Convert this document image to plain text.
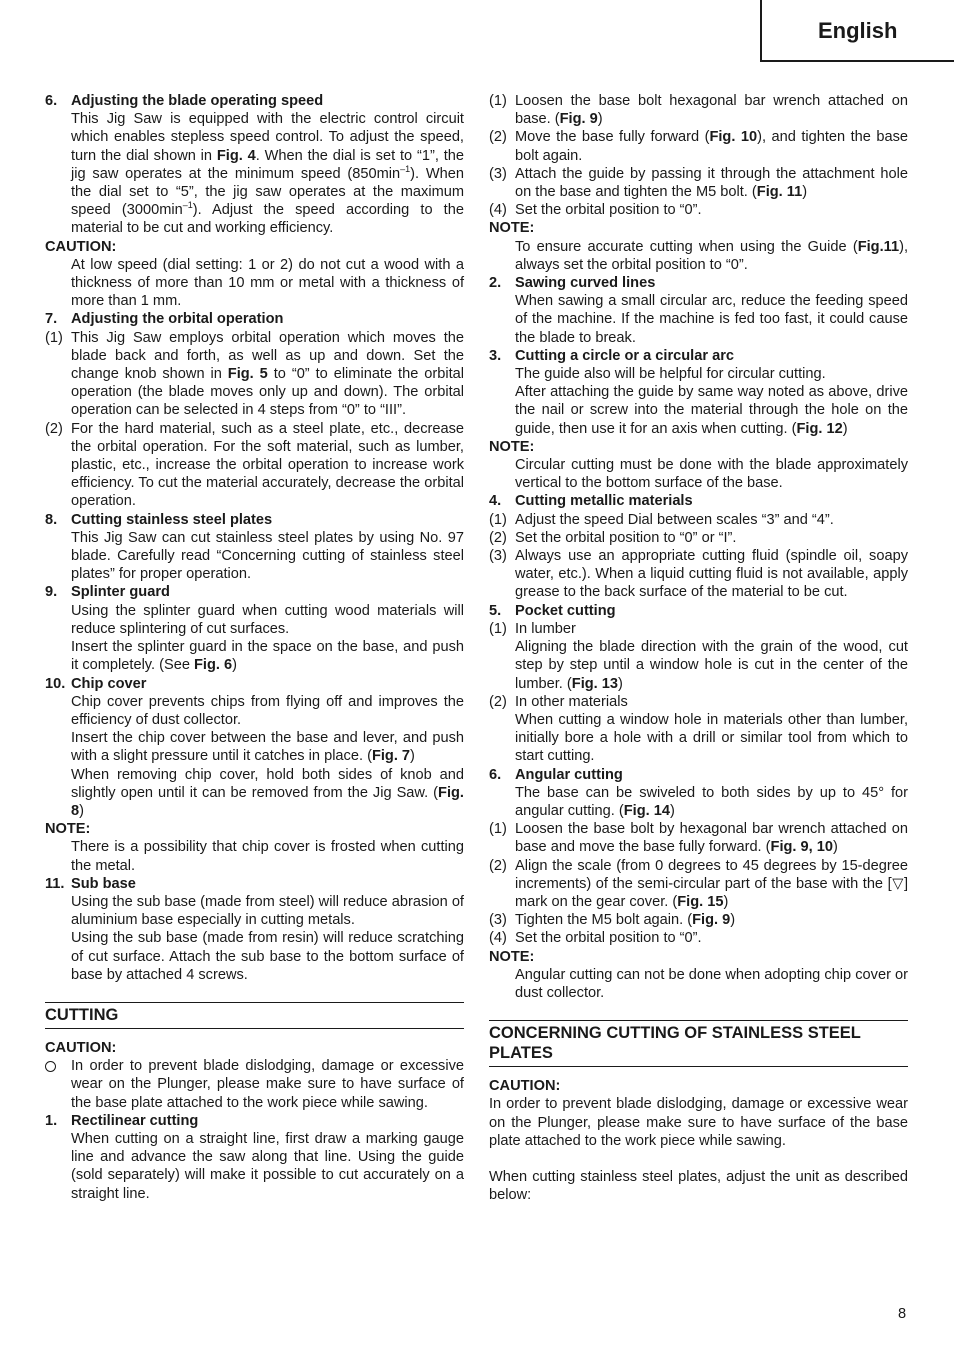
English
6. Adjusting the blade operating speed
This Jig Saw is equipped with the electric control circuit which enables stepless speed control. To adjust the speed, turn the dial shown in Fig. 4. When the dial is set to “1”, the jig saw operates at the minimum speed $(850\min^{-1})$. When the dial set to “5”, the jig saw operates at the maximum speed $(3000\min^{-1})$. Adjust the speed according to the material to be cut and working efficiency.
CAUTION:
At low speed (dial setting: 1 or 2) do not cut a wood with a thickness of more than 10 mm or metal with a thickness of more than 1 mm.
7. Adjusting the orbital operation
(1) This Jig Saw employs orbital operation which moves the blade back and forth, as well as up and down. Set the change knob shown in Fig. 5 to “0” to eliminate the orbital operation (the blade moves only up and down). The orbital operation can be selected in 4 steps from “0” to “III”.
(2) For the hard material, such as a steel plate, etc., decrease the orbital operation. For the soft material, such as lumber, plastic, etc., increase the orbital operation to increase work efficiency. To cut the material accurately, decrease the orbital operation.
8. Cutting stainless steel plates
This Jig Saw can cut stainless steel plates by using No. 97 blade. Carefully read “Concerning cutting of stainless steel plates” for proper operation.
9. Splinter guard
Using the splinter guard when cutting wood materials will reduce splintering of cut surfaces.
Insert the splinter guard in the space on the base, and push it completely. (See Fig. 6)
10. Chip cover
Chip cover prevents chips from flying off and improves the efficiency of dust collector.
Insert the chip cover between the base and lever, and push with a slight pressure until it catches in place. (Fig. 7)
When removing chip cover, hold both sides of knob and slightly open until it can be removed from the Jig Saw. (Fig. 8)
NOTE:
There is a possibility that chip cover is frosted when cutting the metal.
11. Sub base
Using the sub base (made from steel) will reduce abrasion of aluminium base especially in cutting metals.
Using the sub base (made from resin) will reduce scratching of cut surface. Attach the sub base to the bottom surface of base by attached 4 screws.
CUTTING
CAUTION:
In order to prevent blade dislodging, damage or excessive wear on the Plunger, please make sure to have surface of the base plate attached to the work piece while sawing.
1. Rectilinear cutting
When cutting on a straight line, first draw a marking gauge line and advance the saw along that line. Using the guide (sold separately) will make it possible to cut accurately on a straight line.
(1) Loosen the base bolt hexagonal bar wrench attached on base. (Fig. 9)
(2) Move the base fully forward (Fig. 10), and tighten the base bolt again.
(3) Attach the guide by passing it through the attachment hole on the base and tighten the M5 bolt. (Fig. 11)
(4) Set the orbital position to “0”.
NOTE:
To ensure accurate cutting when using the Guide (Fig.11), always set the orbital position to “0”.
2. Sawing curved lines
When sawing a small circular arc, reduce the feeding speed of the machine. If the machine is fed too fast, it could cause the blade to break.
3. Cutting a circle or a circular arc
The guide also will be helpful for circular cutting.
After attaching the guide by same way noted as above, drive the nail or screw into the material through the hole on the guide, then use it for an axis when cutting. (Fig. 12)
NOTE:
Circular cutting must be done with the blade approximately vertical to the bottom surface of the base.
4. Cutting metallic materials
(1) Adjust the speed Dial between scales “3” and “4”.
(2) Set the orbital position to “0” or “I”.
(3) Always use an appropriate cutting fluid (spindle oil, soapy water, etc.). When a liquid cutting fluid is not available, apply grease to the back surface of the material to be cut.
5. Pocket cutting
(1) In lumber
Aligning the blade direction with the grain of the wood, cut step by step until a window hole is cut in the center of the lumber. (Fig. 13)
(2) In other materials
When cutting a window hole in materials other than lumber, initially bore a hole with a drill or similar tool from which to start cutting.
6. Angular cutting
The base can be swiveled to both sides by up to 45° for angular cutting. (Fig. 14)
(1) Loosen the base bolt by hexagonal bar wrench attached on base and move the base fully forward. (Fig. 9, 10)
(2) Align the scale (from 0 degrees to 45 degrees by 15-degree increments) of the semi-circular part of the base with the [▽] mark on the gear cover. (Fig. 15)
(3) Tighten the M5 bolt again. (Fig. 9)
(4) Set the orbital position to “0”.
NOTE:
Angular cutting can not be done when adopting chip cover or dust collector.
CONCERNING CUTTING OF STAINLESS STEEL PLATES
CAUTION:
In order to prevent blade dislodging, damage or excessive wear on the Plunger, please make sure to have surface of the base plate attached to the work piece while sawing.
When cutting stainless steel plates, adjust the unit as described below:
8
